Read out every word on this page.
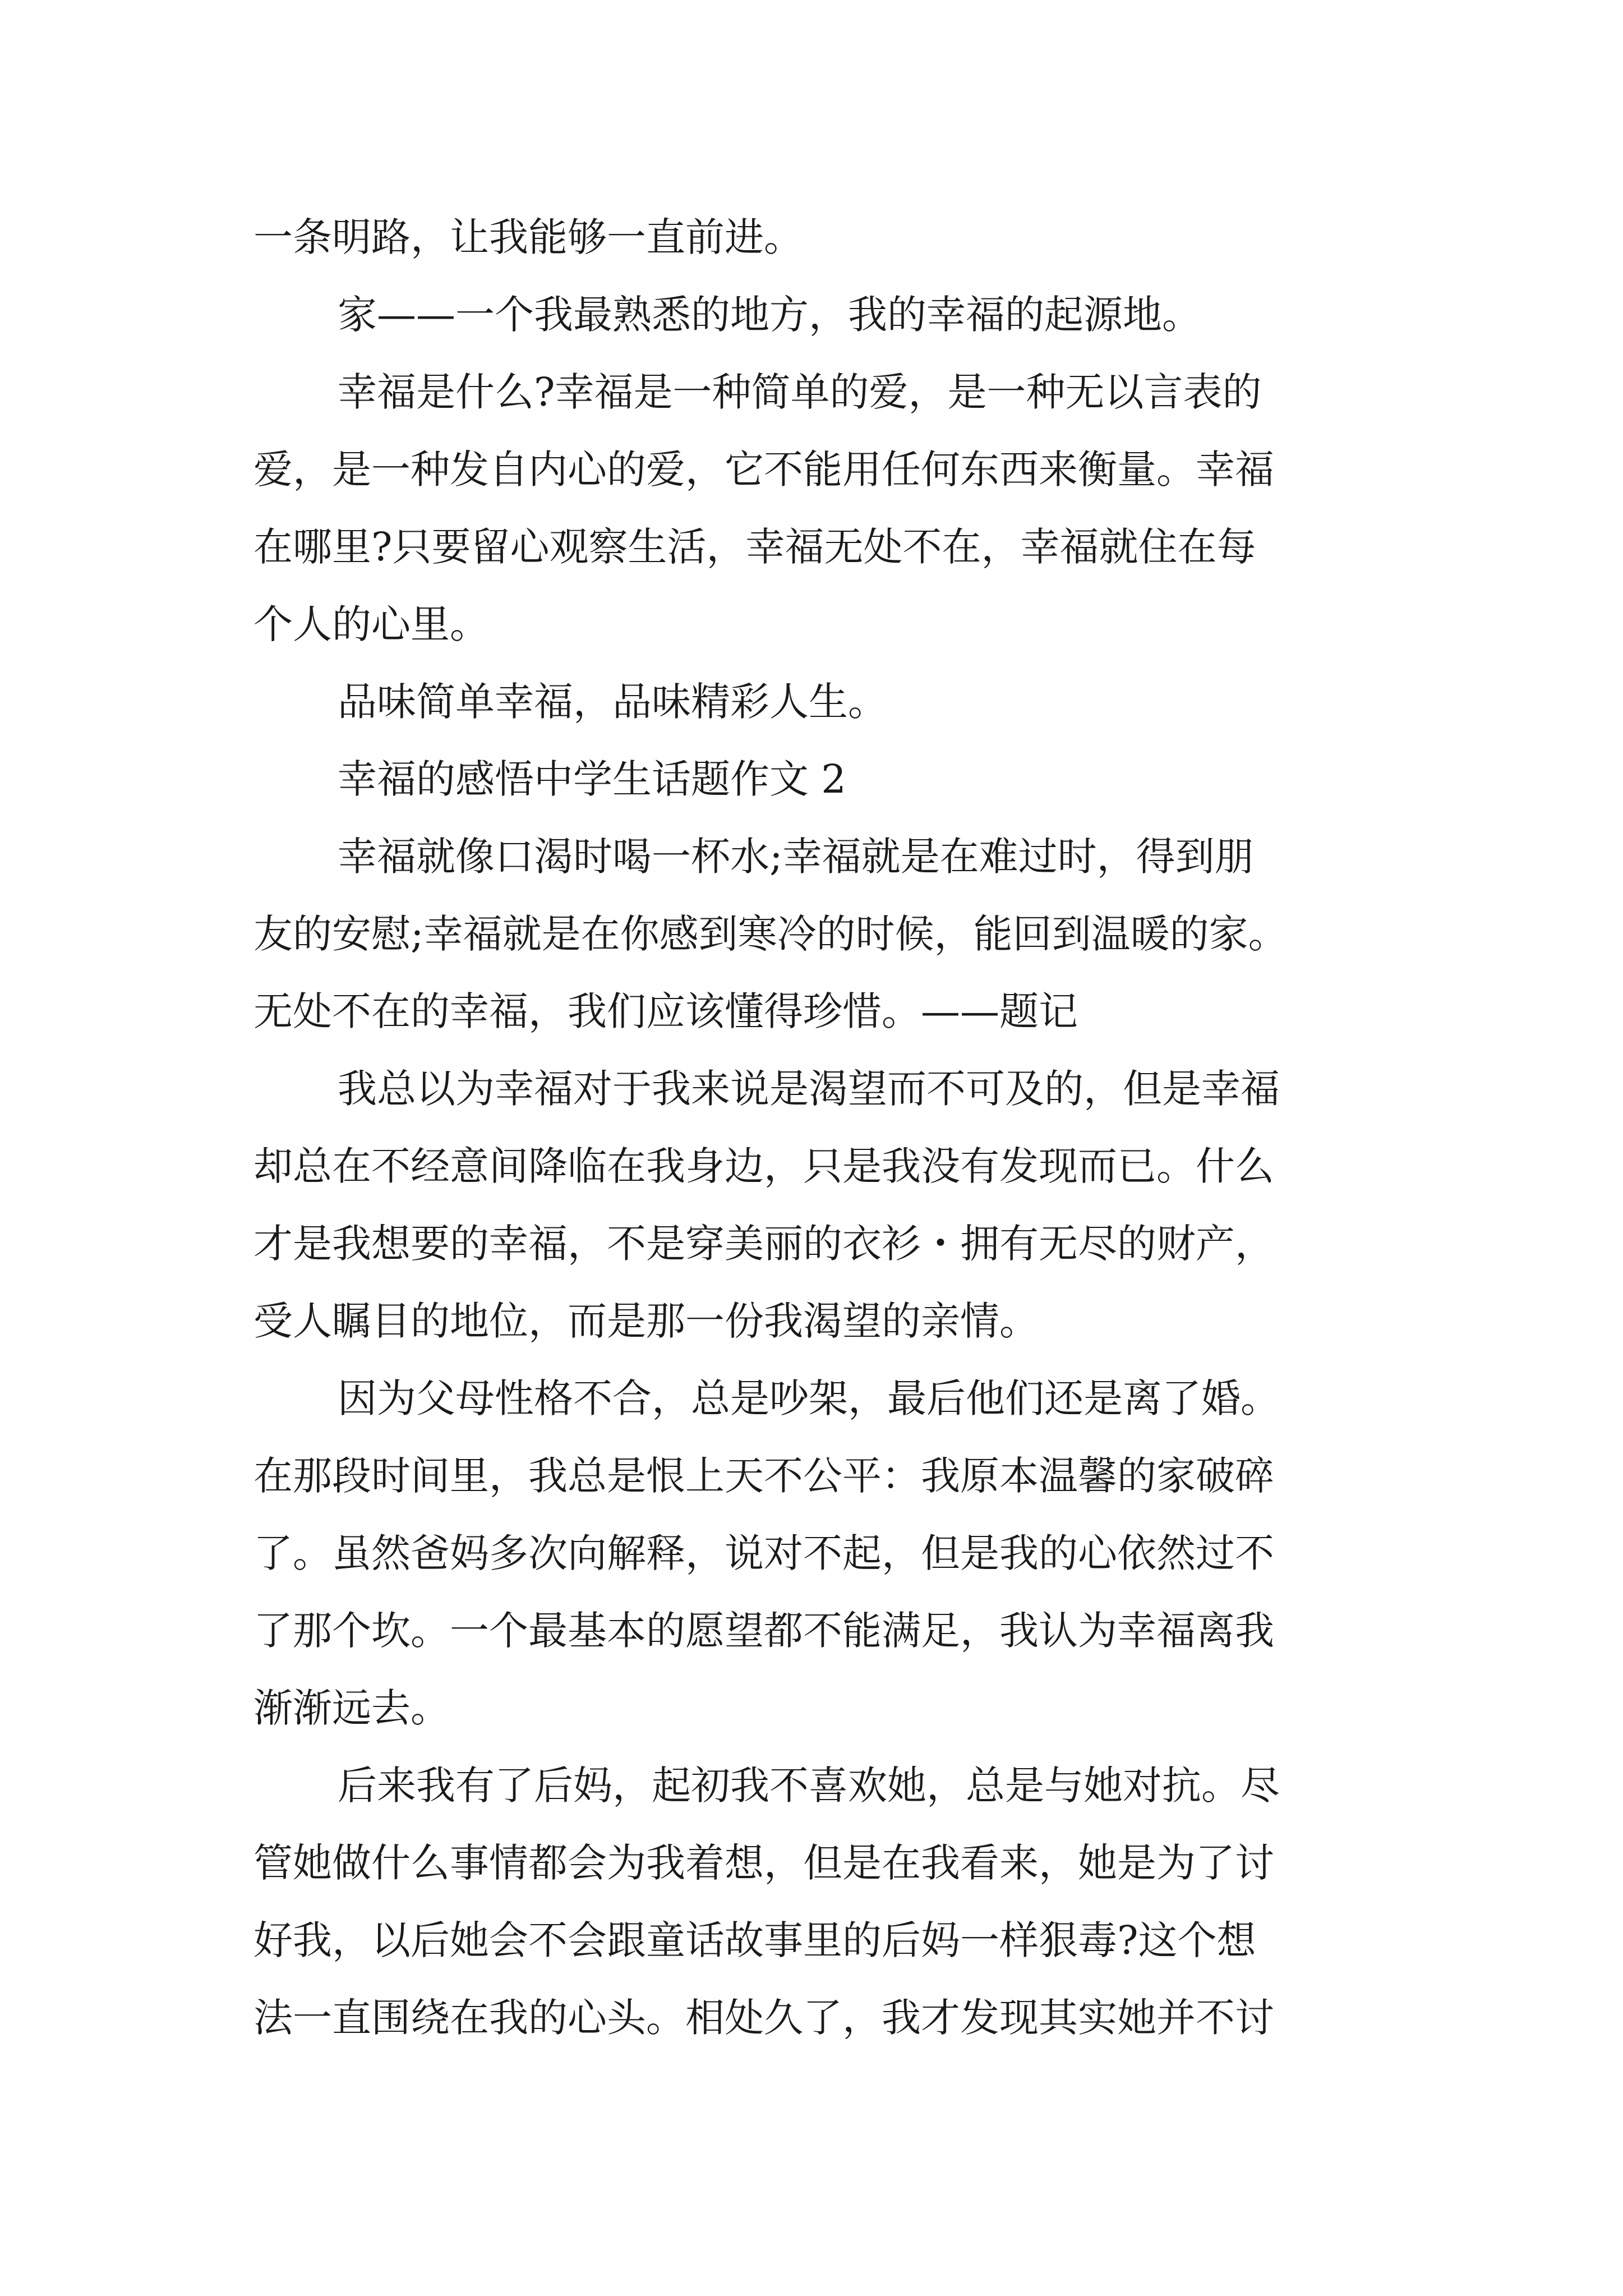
一条明路，让我能够一直前进。
家——一个我最熟悉的地方，我的幸福的起源地。
幸福是什么?幸福是一种简单的爱，是一种无以言表的
爱，是一种发自内心的爱，它不能用任何东西来衡量。幸福
在哪里?只要留心观察生活，幸福无处不在，幸福就住在每
个人的心里。
品味简单幸福，品味精彩人生。
幸福的感悟中学生话题作文 2
幸福就像口渴时喝一杯水;幸福就是在难过时，得到朋
友的安慰;幸福就是在你感到寒冷的时候，能回到温暖的家。
无处不在的幸福，我们应该懂得珍惜。——题记
我总以为幸福对于我来说是渴望而不可及的，但是幸福
却总在不经意间降临在我身边，只是我没有发现而已。什么
才是我想要的幸福，不是穿美丽的衣衫・拥有无尽的财产，
受人瞩目的地位，而是那一份我渴望的亲情。
因为父母性格不合，总是吵架，最后他们还是离了婚。
在那段时间里，我总是恨上天不公平：我原本温馨的家破碎
了。虽然爸妈多次向解释，说对不起，但是我的心依然过不
了那个坎。一个最基本的愿望都不能满足，我认为幸福离我
渐渐远去。
后来我有了后妈，起初我不喜欢她，总是与她对抗。尽
管她做什么事情都会为我着想，但是在我看来，她是为了讨
好我，以后她会不会跟童话故事里的后妈一样狠毒?这个想
法一直围绕在我的心头。相处久了，我才发现其实她并不讨
